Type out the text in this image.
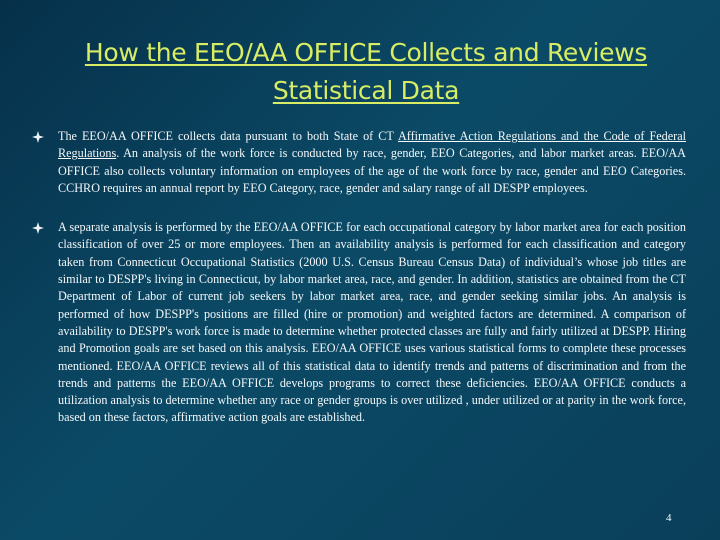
How the EEO/AA OFFICE Collects and Reviews
Statistical Data
The EEO/AA OFFICE collects data pursuant to both State of CT Affirmative Action Regulations and the Code of Federal Regulations. An analysis of the work force is conducted by race, gender, EEO Categories, and labor market areas. EEO/AA OFFICE also collects voluntary information on employees of the age of the work force by race, gender and EEO Categories. CCHRO requires an annual report by EEO Category, race, gender and salary range of all DESPP employees.
A separate analysis is performed by the EEO/AA OFFICE for each occupational category by labor market area for each position classification of over 25 or more employees. Then an availability analysis is performed for each classification and category taken from Connecticut Occupational Statistics (2000 U.S. Census Bureau Census Data) of individual’s whose job titles are similar to DESPP's living in Connecticut, by labor market area, race, and gender. In addition, statistics are obtained from the CT Department of Labor of current job seekers by labor market area, race, and gender seeking similar jobs. An analysis is performed of how DESPP's positions are filled (hire or promotion) and weighted factors are determined. A comparison of availability to DESPP's work force is made to determine whether protected classes are fully and fairly utilized at DESPP. Hiring and Promotion goals are set based on this analysis. EEO/AA OFFICE uses various statistical forms to complete these processes mentioned. EEO/AA OFFICE reviews all of this statistical data to identify trends and patterns of discrimination and from the trends and patterns the EEO/AA OFFICE develops programs to correct these deficiencies. EEO/AA OFFICE conducts a utilization analysis to determine whether any race or gender groups is over utilized , under utilized or at parity in the work force, based on these factors, affirmative action goals are established.
4
